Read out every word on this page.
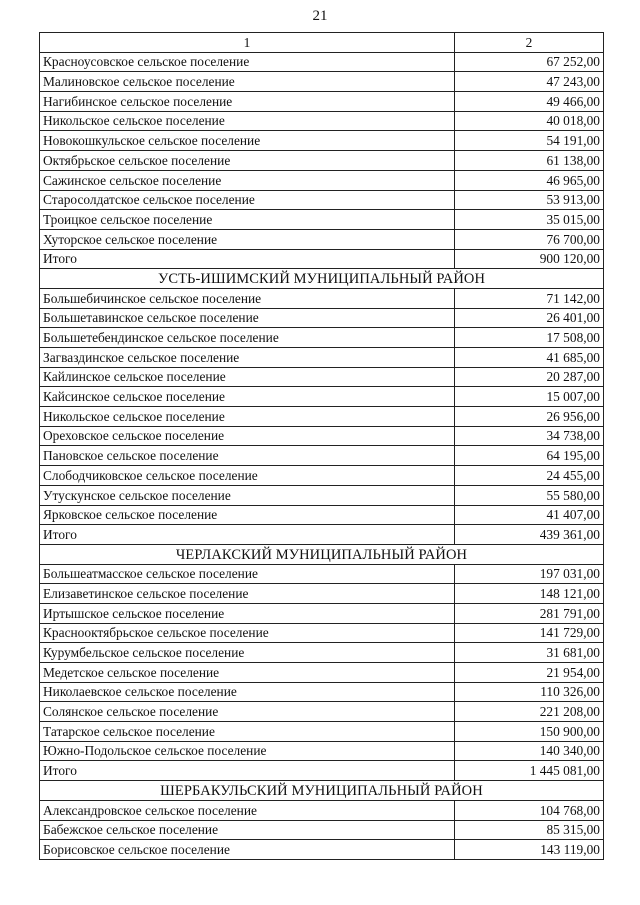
21
1	2
Красноусовское сельское поселение	67 252,00
Малиновское сельское поселение	47 243,00
Нагибинское сельское поселение	49 466,00
Никольское сельское поселение	40 018,00
Новокошкульское сельское поселение	54 191,00
Октябрьское сельское поселение	61 138,00
Сажинское сельское поселение	46 965,00
Старосолдатское сельское поселение	53 913,00
Троицкое сельское поселение	35 015,00
Хуторское сельское поселение	76 700,00
Итого	900 120,00
УСТЬ-ИШИМСКИЙ МУНИЦИПАЛЬНЫЙ РАЙОН	
Большебичинское сельское поселение	71 142,00
Большетавинское сельское поселение	26 401,00
Большетебендинское сельское поселение	17 508,00
Загваздинское сельское поселение	41 685,00
Кайлинское сельское поселение	20 287,00
Кайсинское сельское поселение	15 007,00
Никольское сельское поселение	26 956,00
Ореховское сельское поселение	34 738,00
Пановское сельское поселение	64 195,00
Слободчиковское сельское поселение	24 455,00
Утускунское сельское поселение	55 580,00
Ярковское сельское поселение	41 407,00
Итого	439 361,00
ЧЕРЛАКСКИЙ МУНИЦИПАЛЬНЫЙ РАЙОН	
Большеатмасское сельское поселение	197 031,00
Елизаветинское сельское поселение	148 121,00
Иртышское сельское поселение	281 791,00
Краснооктябрьское сельское поселение	141 729,00
Курумбельское сельское поселение	31 681,00
Медетское сельское поселение	21 954,00
Николаевское сельское поселение	110 326,00
Солянское сельское поселение	221 208,00
Татарское сельское поселение	150 900,00
Южно-Подольское сельское поселение	140 340,00
Итого	1 445 081,00
ШЕРБАКУЛЬСКИЙ МУНИЦИПАЛЬНЫЙ РАЙОН	
Александровское сельское поселение	104 768,00
Бабежское сельское поселение	85 315,00
Борисовское сельское поселение	143 119,00
